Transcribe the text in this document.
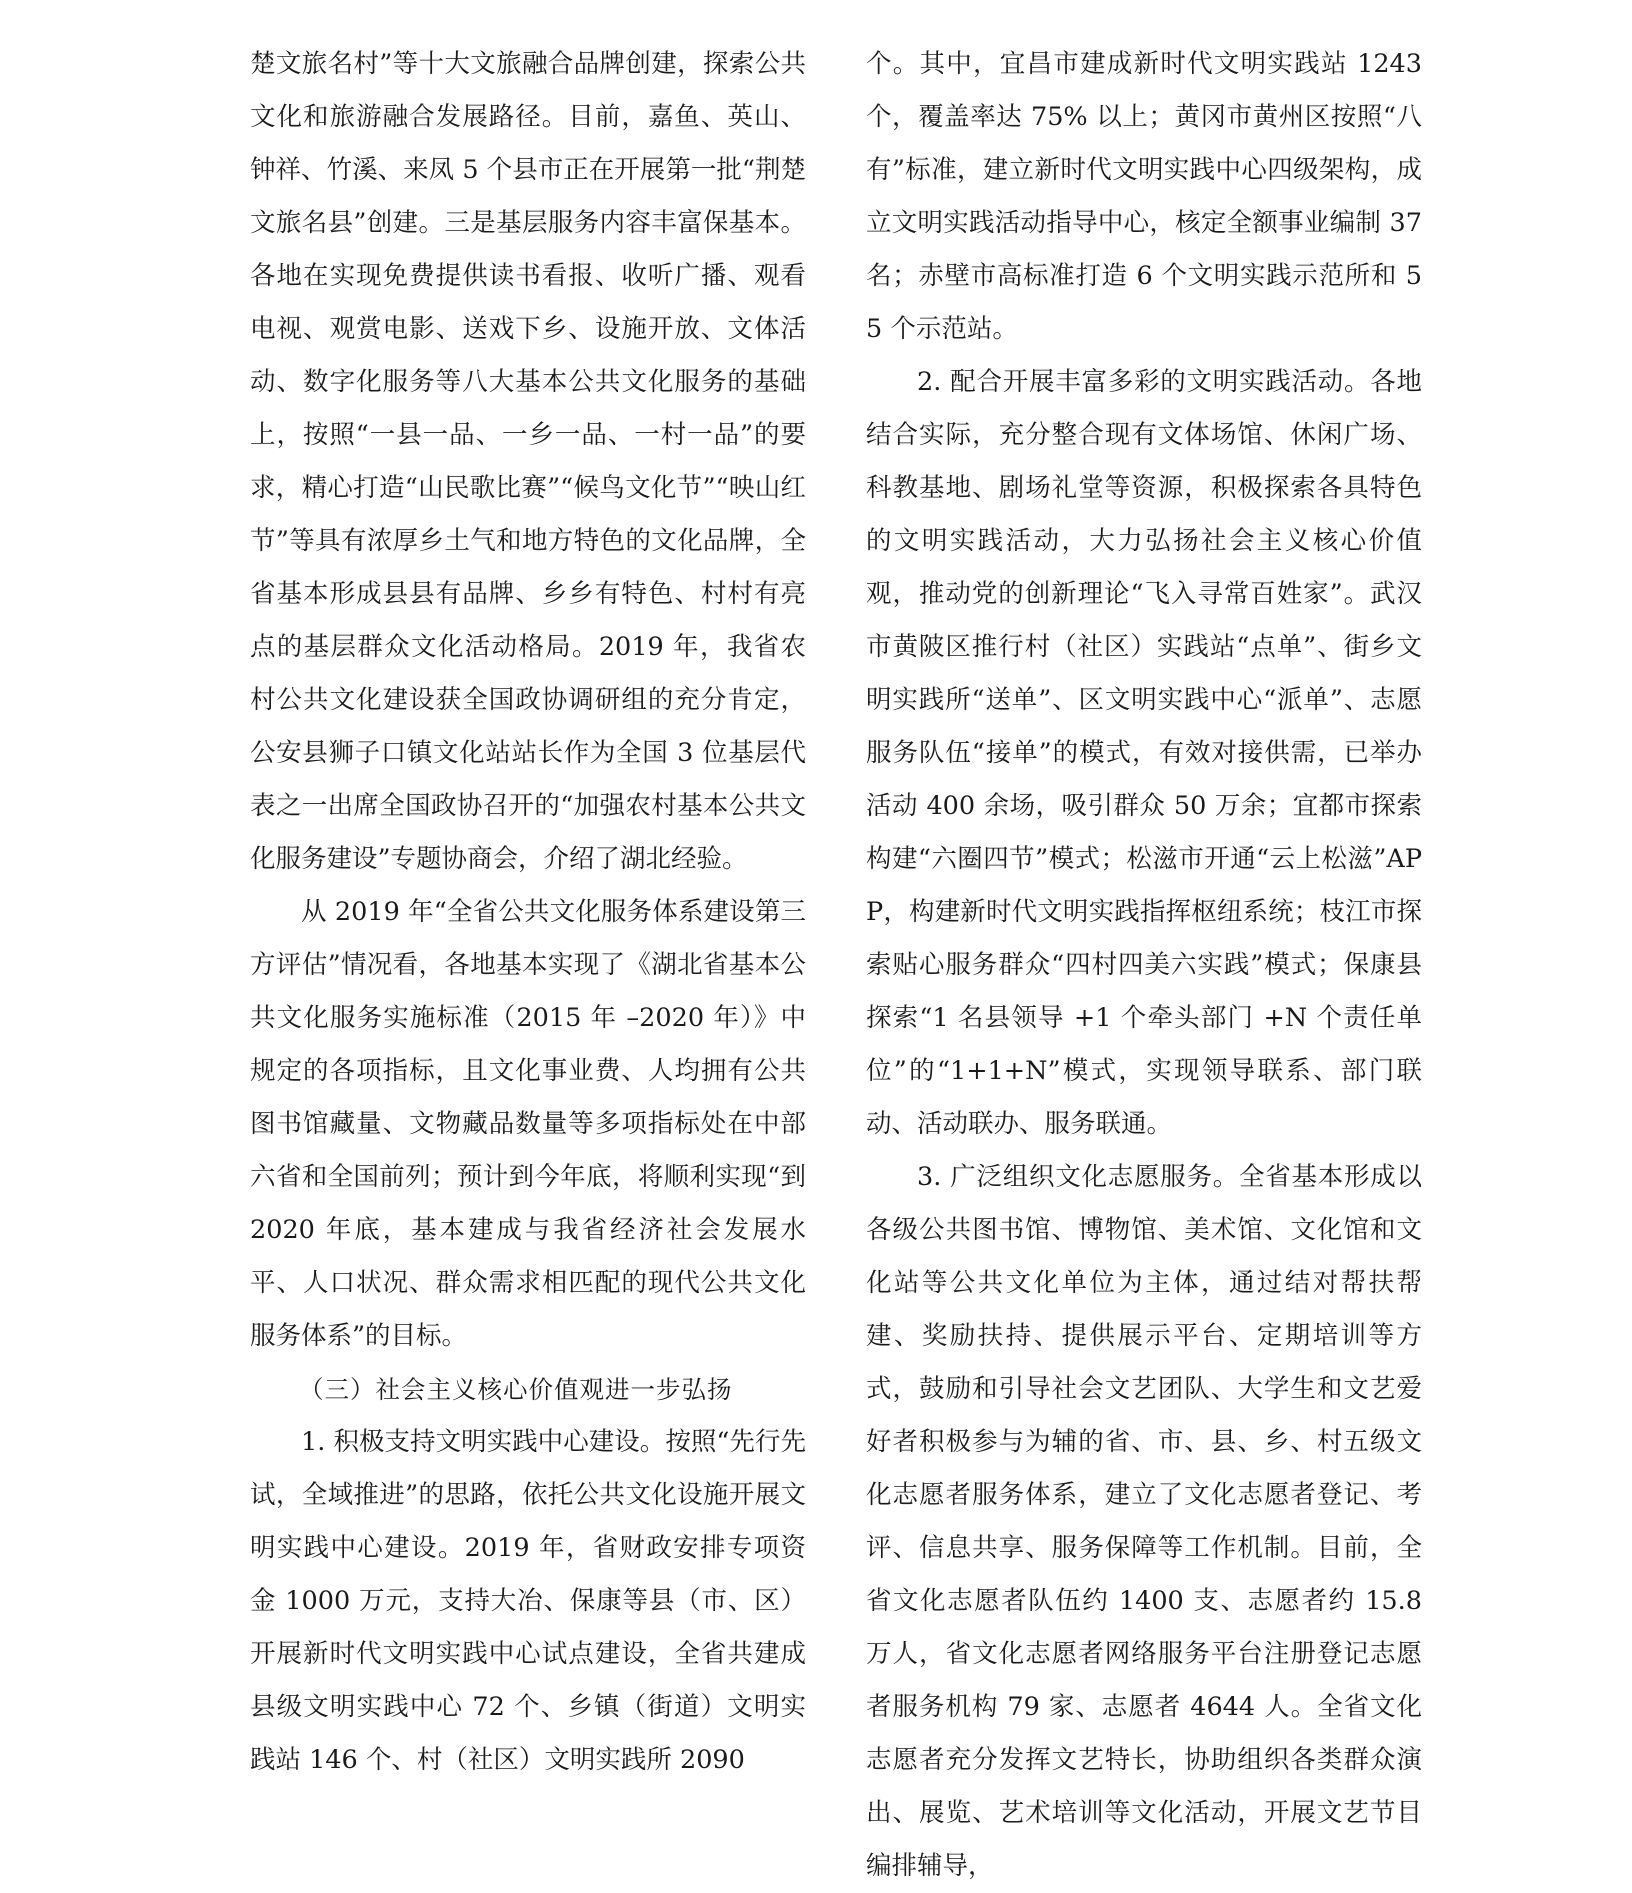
楚文旅名村”等十大文旅融合品牌创建，探索公共文化和旅游融合发展路径。目前，嘉鱼、英山、钟祥、竹溪、来凤 5 个县市正在开展第一批“荆楚文旅名县”创建。三是基层服务内容丰富保基本。各地在实现免费提供读书看报、收听广播、观看电视、观赏电影、送戏下乡、设施开放、文体活动、数字化服务等八大基本公共文化服务的基础上，按照“一县一品、一乡一品、一村一品”的要求，精心打造“山民歌比赛”“候鸟文化节”“映山红节”等具有浓厚乡土气和地方特色的文化品牌，全省基本形成县县有品牌、乡乡有特色、村村有亮点的基层群众文化活动格局。2019 年，我省农村公共文化建设获全国政协调研组的充分肯定，公安县狮子口镇文化站站长作为全国 3 位基层代表之一出席全国政协召开的“加强农村基本公共文化服务建设”专题协商会，介绍了湖北经验。

从 2019 年“全省公共文化服务体系建设第三方评估”情况看，各地基本实现了《湖北省基本公共文化服务实施标准（2015 年 –2020 年）》中规定的各项指标，且文化事业费、人均拥有公共图书馆藏量、文物藏品数量等多项指标处在中部六省和全国前列；预计到今年底，将顺利实现“到 2020 年底，基本建成与我省经济社会发展水平、人口状况、群众需求相匹配的现代公共文化服务体系”的目标。

（三）社会主义核心价值观进一步弘扬

1. 积极支持文明实践中心建设。按照“先行先试，全域推进”的思路，依托公共文化设施开展文明实践中心建设。2019 年，省财政安排专项资金 1000 万元，支持大冶、保康等县（市、区）开展新时代文明实践中心试点建设，全省共建成县级文明实践中心 72 个、乡镇（街道）文明实践站 146 个、村（社区）文明实践所 2090

个。其中，宜昌市建成新时代文明实践站 1243 个，覆盖率达 75% 以上；黄冈市黄州区按照“八有”标准，建立新时代文明实践中心四级架构，成立文明实践活动指导中心，核定全额事业编制 37 名；赤壁市高标准打造 6 个文明实践示范所和 55 个示范站。

2. 配合开展丰富多彩的文明实践活动。各地结合实际，充分整合现有文体场馆、休闲广场、科教基地、剧场礼堂等资源，积极探索各具特色的文明实践活动，大力弘扬社会主义核心价值观，推动党的创新理论“飞入寻常百姓家”。武汉市黄陂区推行村（社区）实践站“点单”、街乡文明实践所“送单”、区文明实践中心“派单”、志愿服务队伍“接单”的模式，有效对接供需，已举办活动 400 余场，吸引群众 50 万余；宜都市探索构建“六圈四节”模式；松滋市开通“云上松滋”APP，构建新时代文明实践指挥枢纽系统；枝江市探索贴心服务群众“四村四美六实践”模式；保康县探索“1 名县领导 +1 个牵头部门 +N 个责任单位”的“1+1+N”模式，实现领导联系、部门联动、活动联办、服务联通。

3. 广泛组织文化志愿服务。全省基本形成以各级公共图书馆、博物馆、美术馆、文化馆和文化站等公共文化单位为主体，通过结对帮扶帮建、奖励扶持、提供展示平台、定期培训等方式，鼓励和引导社会文艺团队、大学生和文艺爱好者积极参与为辅的省、市、县、乡、村五级文化志愿者服务体系，建立了文化志愿者登记、考评、信息共享、服务保障等工作机制。目前，全省文化志愿者队伍约 1400 支、志愿者约 15.8 万人，省文化志愿者网络服务平台注册登记志愿者服务机构 79 家、志愿者 4644 人。全省文化志愿者充分发挥文艺特长，协助组织各类群众演出、展览、艺术培训等文化活动，开展文艺节目编排辅导，
